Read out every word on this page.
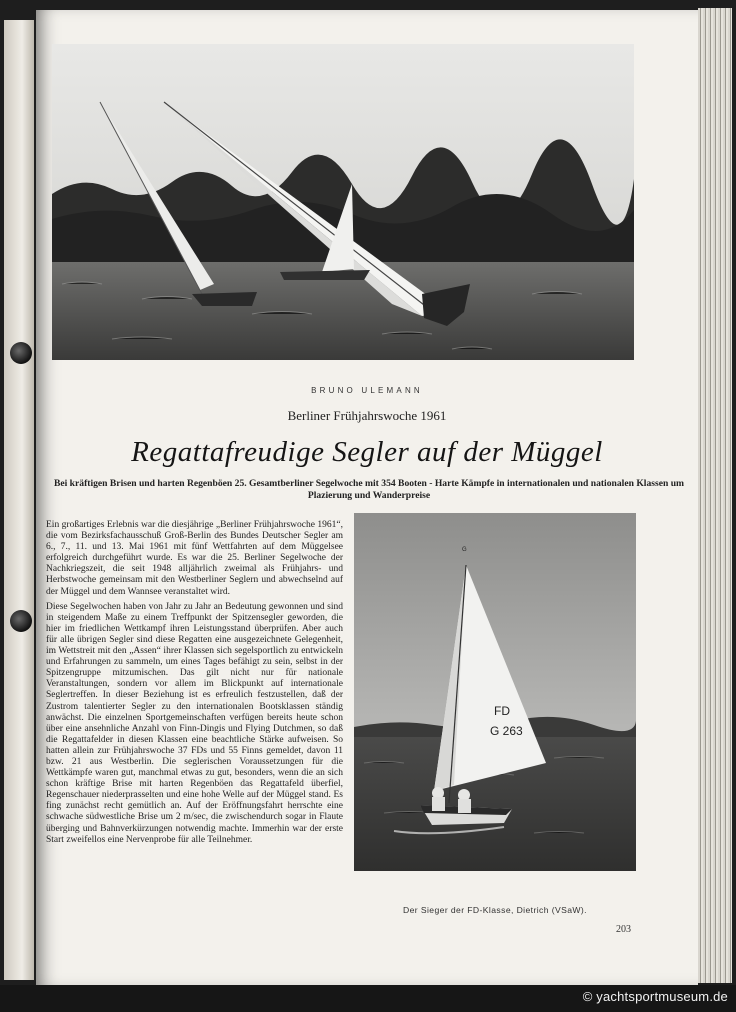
BRUNO ULEMANN
Berliner Frühjahrswoche 1961
Regattafreudige Segler auf der Müggel
Bei kräftigen Brisen und harten Regenböen 25. Gesamtberliner Segelwoche mit 354 Booten - Harte Kämpfe in internationalen und nationalen Klassen um Plazierung und Wanderpreise

Ein großartiges Erlebnis war die diesjährige „Berliner Frühjahrswoche 1961“, die vom Bezirksfachausschuß Groß-Berlin des Bundes Deutscher Segler am 6., 7., 11. und 13. Mai 1961 mit fünf Wettfahrten auf dem Müggelsee erfolgreich durchgeführt wurde. Es war die 25. Berliner Segelwoche der Nachkriegszeit, die seit 1948 alljährlich zweimal als Frühjahrs- und Herbstwoche gemeinsam mit den Westberliner Seglern und abwechselnd auf der Müggel und dem Wannsee veranstaltet wird.

Diese Segelwochen haben von Jahr zu Jahr an Bedeutung gewonnen und sind in steigendem Maße zu einem Treffpunkt der Spitzensegler geworden, die hier im friedlichen Wettkampf ihren Leistungsstand überprüfen. Aber auch für alle übrigen Segler sind diese Regatten eine ausgezeichnete Gelegenheit, im Wettstreit mit den „Assen“ ihrer Klassen sich segelsportlich zu entwickeln und Erfahrungen zu sammeln, um eines Tages befähigt zu sein, selbst in der Spitzengruppe mitzumischen. Das gilt nicht nur für nationale Veranstaltungen, sondern vor allem im Blickpunkt auf internationale Seglertreffen. In dieser Beziehung ist es erfreulich festzustellen, daß der Zustrom talentierter Segler zu den internationalen Bootsklassen ständig anwächst. Die einzelnen Sportgemeinschaften verfügen bereits heute schon über eine ansehnliche Anzahl von Finn-Dingis und Flying Dutchmen, so daß die Regattafelder in diesen Klassen eine beachtliche Stärke aufweisen. So hatten allein zur Frühjahrswoche 37 FDs und 55 Finns gemeldet, davon 11 bzw. 21 aus Westberlin. Die seglerischen Voraussetzungen für die Wettkämpfe waren gut, manchmal etwas zu gut, besonders, wenn die an sich schon kräftige Brise mit harten Regenböen das Regattafeld überfiel, Regenschauer niederprasselten und eine hohe Welle auf der Müggel stand. Es fing zunächst recht gemütlich an. Auf der Eröffnungsfahrt herrschte eine schwache südwestliche Brise um 2 m/sec, die zwischendurch sogar in Flaute überging und Bahnverkürzungen notwendig machte. Immerhin war der erste Start zweifellos eine Nervenprobe für alle Teilnehmer.

FD
G 263
G
Der Sieger der FD-Klasse, Dietrich (VSaW).
203
© yachtsportmuseum.de
